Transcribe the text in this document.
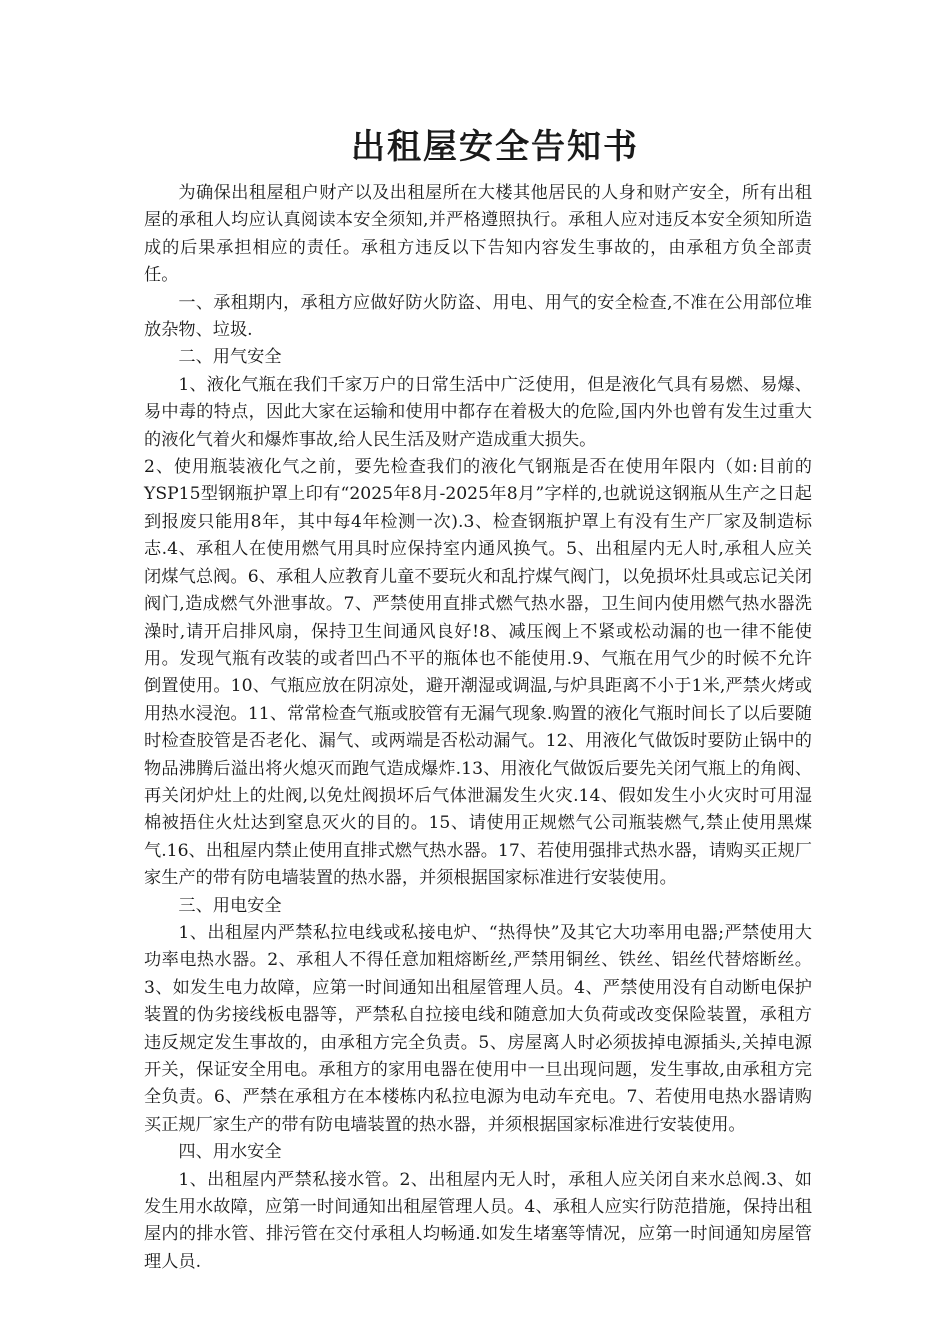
出租屋安全告知书

为确保出租屋租户财产以及出租屋所在大楼其他居民的人身和财产安全，所有出租屋的承租人均应认真阅读本安全须知,并严格遵照执行。承租人应对违反本安全须知所造成的后果承担相应的责任。承租方违反以下告知内容发生事故的，由承租方负全部责任。

一、承租期内，承租方应做好防火防盗、用电、用气的安全检查,不准在公用部位堆放杂物、垃圾.

二、用气安全

1、液化气瓶在我们千家万户的日常生活中广泛使用，但是液化气具有易燃、易爆、易中毒的特点，因此大家在运输和使用中都存在着极大的危险,国内外也曾有发生过重大的液化气着火和爆炸事故,给人民生活及财产造成重大损失。

2、使用瓶装液化气之前，要先检查我们的液化气钢瓶是否在使用年限内（如:目前的YSP15型钢瓶护罩上印有“2025年8月-2025年8月”字样的,也就说这钢瓶从生产之日起到报废只能用8年，其中每4年检测一次).3、检查钢瓶护罩上有没有生产厂家及制造标志.4、承租人在使用燃气用具时应保持室内通风换气。5、出租屋内无人时,承租人应关闭煤气总阀。6、承租人应教育儿童不要玩火和乱拧煤气阀门，以免损坏灶具或忘记关闭阀门,造成燃气外泄事故。7、严禁使用直排式燃气热水器，卫生间内使用燃气热水器洗澡时,请开启排风扇，保持卫生间通风良好!8、减压阀上不紧或松动漏的也一律不能使用。发现气瓶有改装的或者凹凸不平的瓶体也不能使用.9、气瓶在用气少的时候不允许倒置使用。10、气瓶应放在阴凉处，避开潮湿或调温,与炉具距离不小于1米,严禁火烤或用热水浸泡。11、常常检查气瓶或胶管有无漏气现象.购置的液化气瓶时间长了以后要随时检查胶管是否老化、漏气、或两端是否松动漏气。12、用液化气做饭时要防止锅中的物品沸腾后溢出将火熄灭而跑气造成爆炸.13、用液化气做饭后要先关闭气瓶上的角阀、再关闭炉灶上的灶阀,以免灶阀损坏后气体泄漏发生火灾.14、假如发生小火灾时可用湿棉被捂住火灶达到窒息灭火的目的。15、请使用正规燃气公司瓶装燃气,禁止使用黑煤气.16、出租屋内禁止使用直排式燃气热水器。17、若使用强排式热水器，请购买正规厂家生产的带有防电墙装置的热水器，并须根据国家标准进行安装使用。

三、用电安全

1、出租屋内严禁私拉电线或私接电炉、“热得快”及其它大功率用电器;严禁使用大功率电热水器。2、承租人不得任意加粗熔断丝,严禁用铜丝、铁丝、铝丝代替熔断丝。3、如发生电力故障，应第一时间通知出租屋管理人员。4、严禁使用没有自动断电保护装置的伪劣接线板电器等，严禁私自拉接电线和随意加大负荷或改变保险装置，承租方违反规定发生事故的，由承租方完全负责。5、房屋离人时必须拔掉电源插头,关掉电源开关，保证安全用电。承租方的家用电器在使用中一旦出现问题，发生事故,由承租方完全负责。6、严禁在承租方在本楼栋内私拉电源为电动车充电。7、若使用电热水器请购买正规厂家生产的带有防电墙装置的热水器，并须根据国家标准进行安装使用。

四、用水安全

1、出租屋内严禁私接水管。2、出租屋内无人时，承租人应关闭自来水总阀.3、如发生用水故障，应第一时间通知出租屋管理人员。4、承租人应实行防范措施，保持出租屋内的排水管、排污管在交付承租人均畅通.如发生堵塞等情况，应第一时间通知房屋管理人员.
